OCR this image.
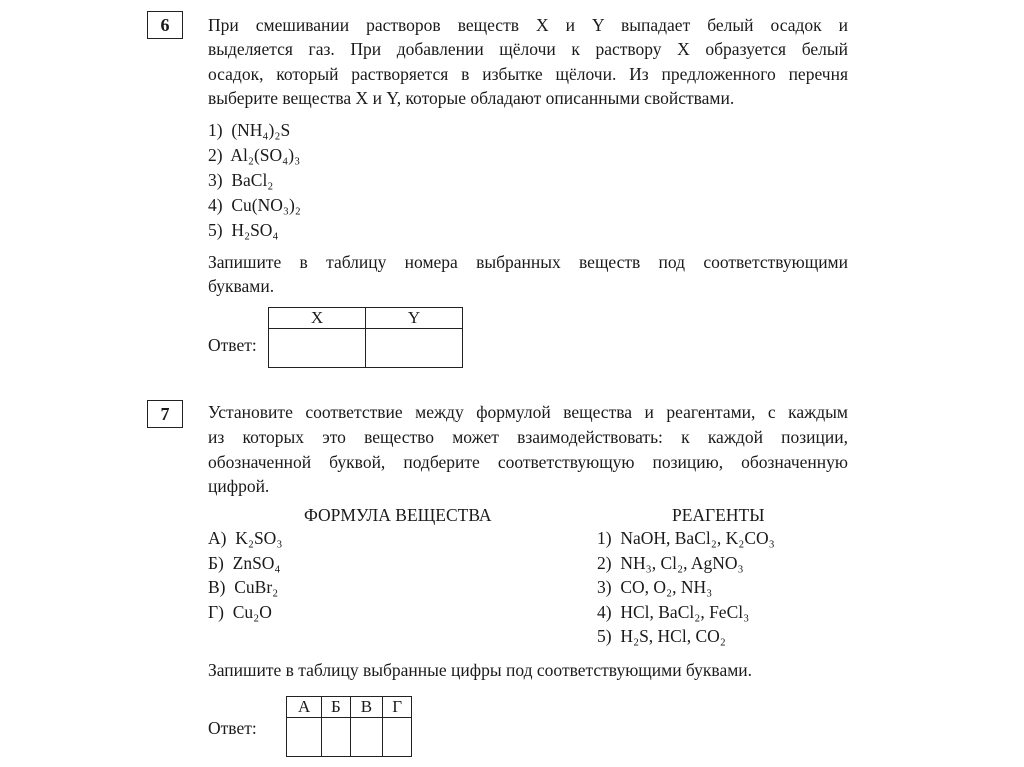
6	При смешивании растворов веществ X и Y выпадает белый осадок и
выделяется газ. При добавлении щёлочи к раствору X образуется белый
осадок, который растворяется в избытке щёлочи. Из предложенного перечня
выберите вещества X и Y, которые обладают описанными свойствами.
1)  (NH₄)₂S
2)  Al₂(SO₄)₃
3)  BaCl₂
4)  Cu(NO₃)₂
5)  H₂SO₄
Запишите в таблицу номера выбранных веществ под соответствующими
буквами.
Ответ:
X	Y

7	Установите соответствие между формулой вещества и реагентами, с каждым
из которых это вещество может взаимодействовать: к каждой позиции,
обозначенной буквой, подберите соответствующую позицию, обозначенную
цифрой.
ФОРМУЛА ВЕЩЕСТВА	РЕАГЕНТЫ
А)  K₂SO₃
Б)  ZnSO₄
В)  CuBr₂
Г)  Cu₂O
1)  NaOH, BaCl₂, K₂CO₃
2)  NH₃, Cl₂, AgNO₃
3)  CO, O₂, NH₃
4)  HCl, BaCl₂, FeCl₃
5)  H₂S, HCl, CO₂
Запишите в таблицу выбранные цифры под соответствующими буквами.
Ответ:
А	Б	В	Г
